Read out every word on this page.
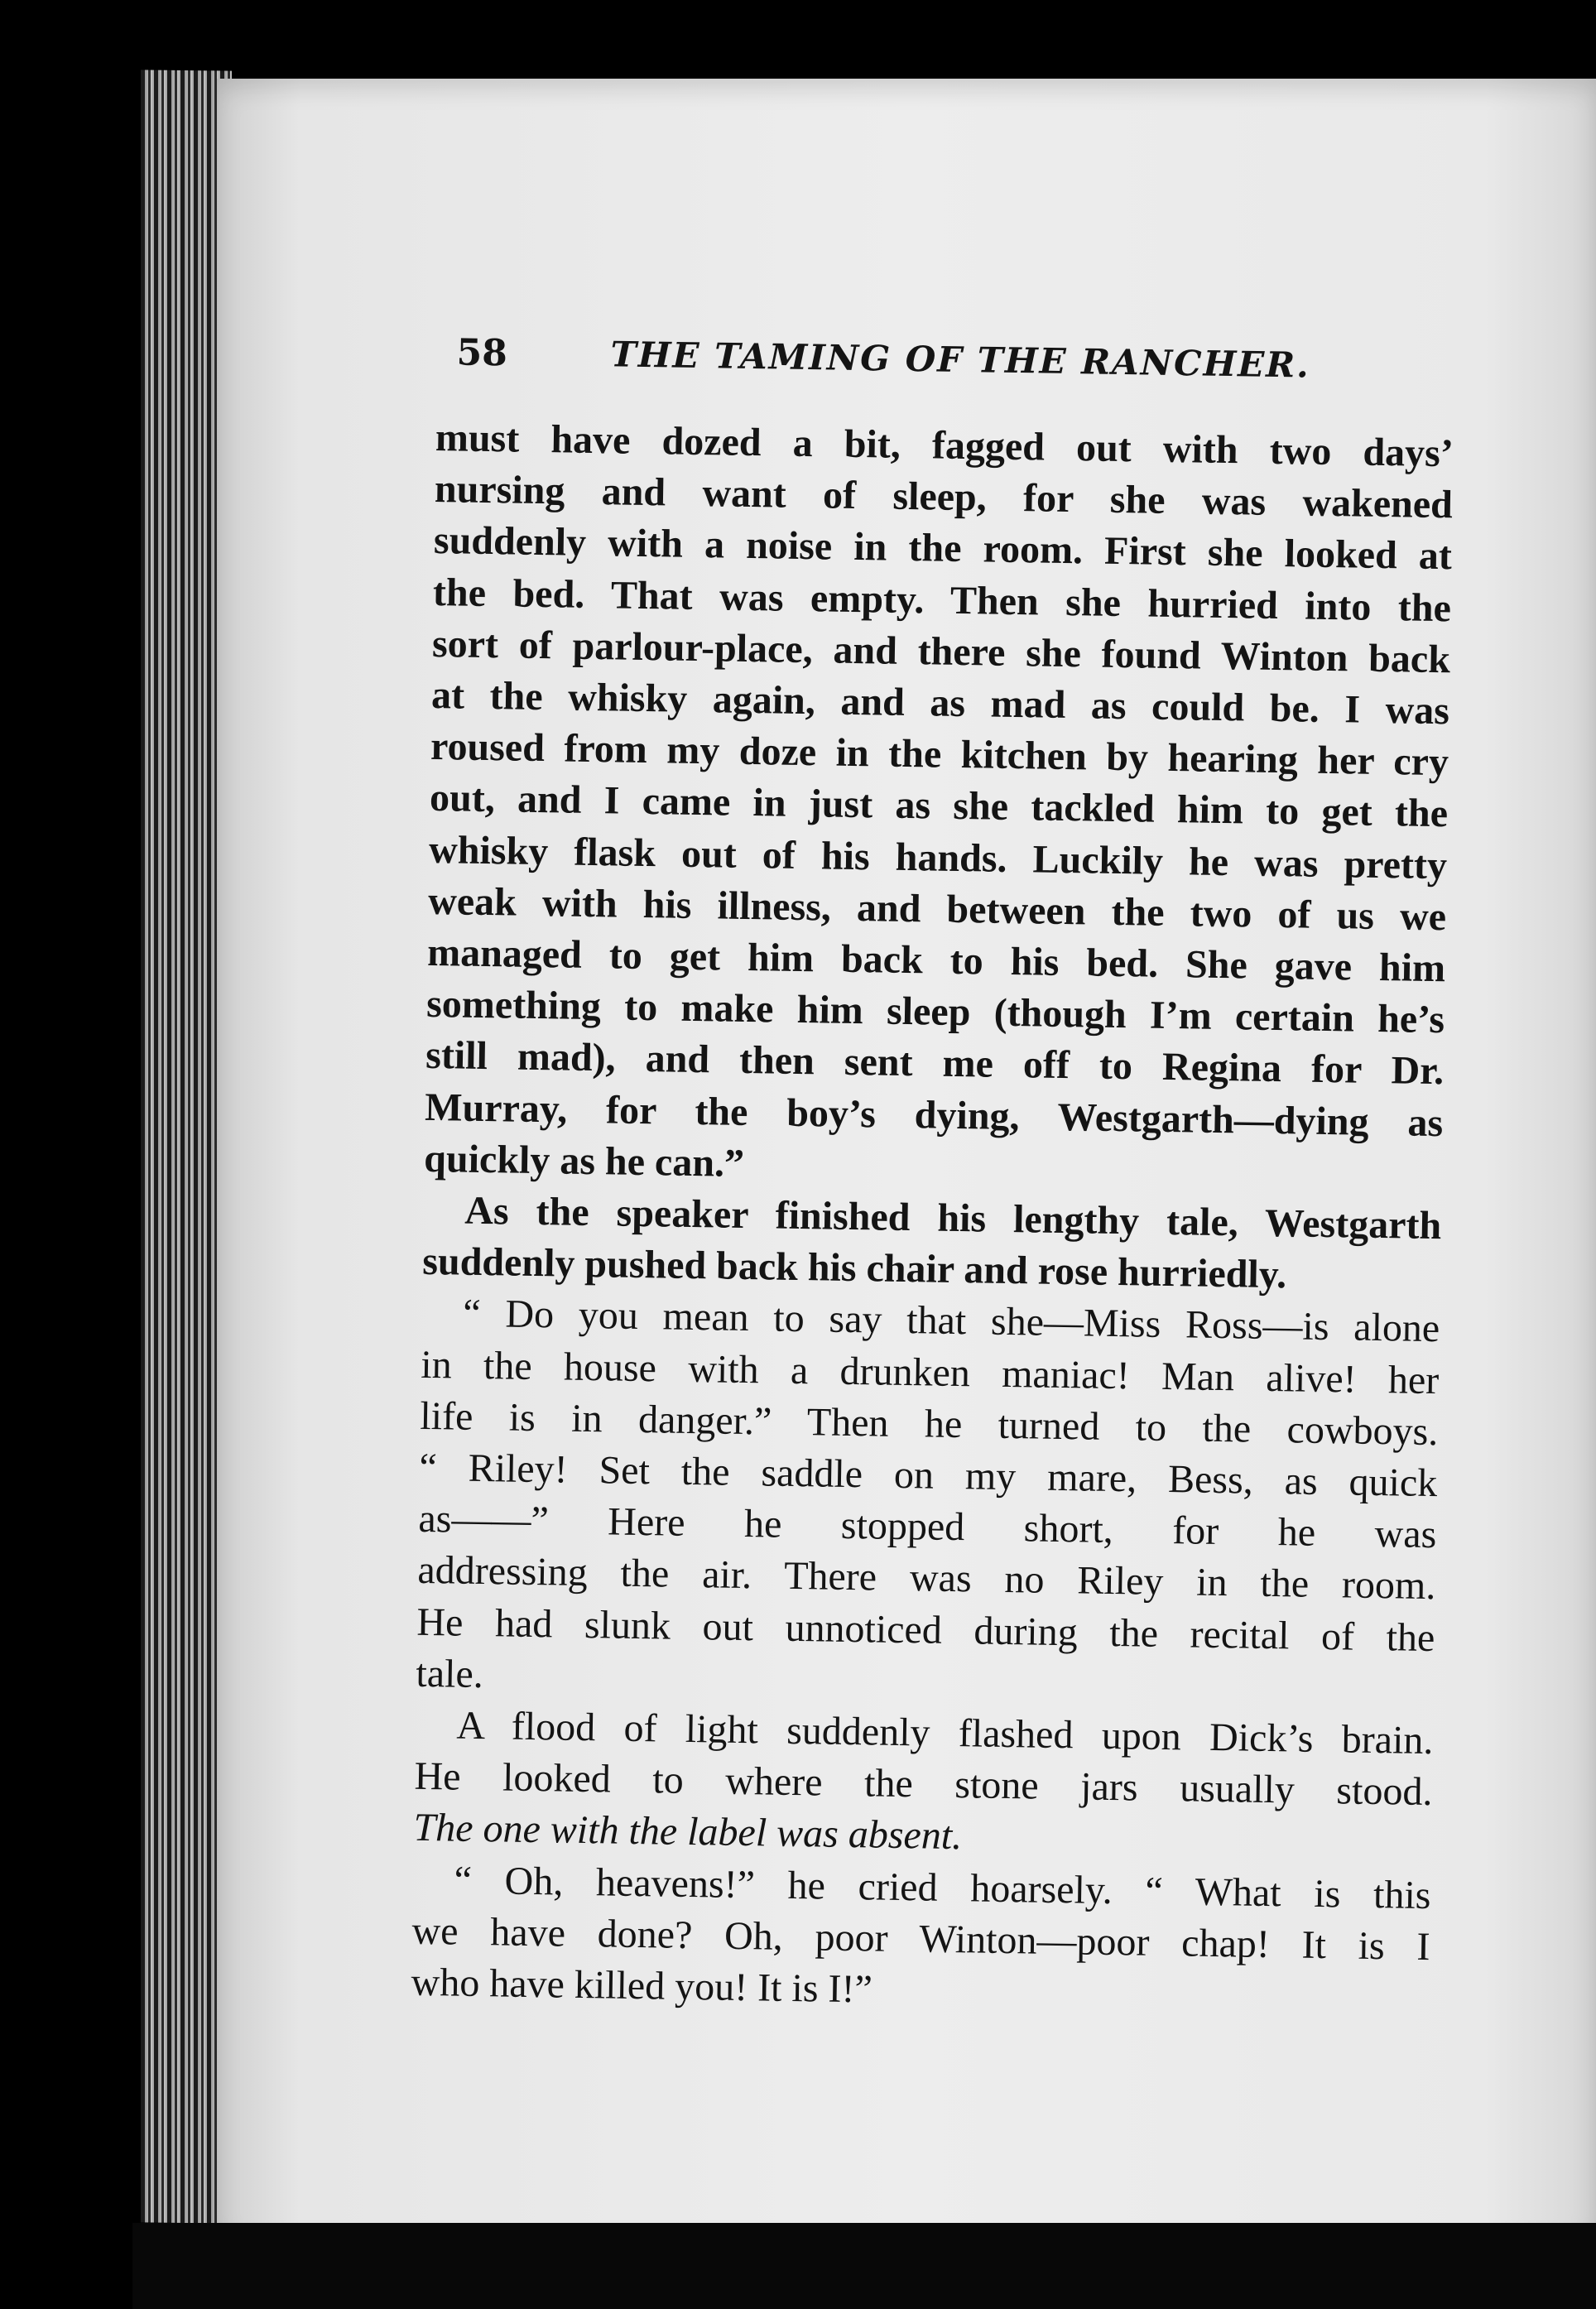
58	THE TAMING OF THE RANCHER.

must have dozed a bit, fagged out with two days’

nursing and want of sleep, for she was wakened

suddenly with a noise in the room. First she looked at

the bed. That was empty. Then she hurried into the

sort of parlour-place, and there she found Winton back

at the whisky again, and as mad as could be. I was

roused from my doze in the kitchen by hearing her cry

out, and I came in just as she tackled him to get the

whisky flask out of his hands. Luckily he was pretty

weak with his illness, and between the two of us we

managed to get him back to his bed. She gave him

something to make him sleep (though I’m certain he’s

still mad), and then sent me off to Regina for Dr.

Murray, for the boy’s dying, Westgarth—dying as

quickly as he can.”

As the speaker finished his lengthy tale, Westgarth

suddenly pushed back his chair and rose hurriedly.

“ Do you mean to say that she—Miss Ross—is alone

in the house with a drunken maniac! Man alive! her

life is in danger.” Then he turned to the cowboys.

“ Riley! Set the saddle on my mare, Bess, as quick

as——” Here he stopped short, for he was

addressing the air. There was no Riley in the room.

He had slunk out unnoticed during the recital of the

tale.

A flood of light suddenly flashed upon Dick’s brain.

He looked to where the stone jars usually stood.

The one with the label was absent.

“ Oh, heavens!” he cried hoarsely. “ What is this

we have done? Oh, poor Winton—poor chap! It is I

who have killed you! It is I!”
